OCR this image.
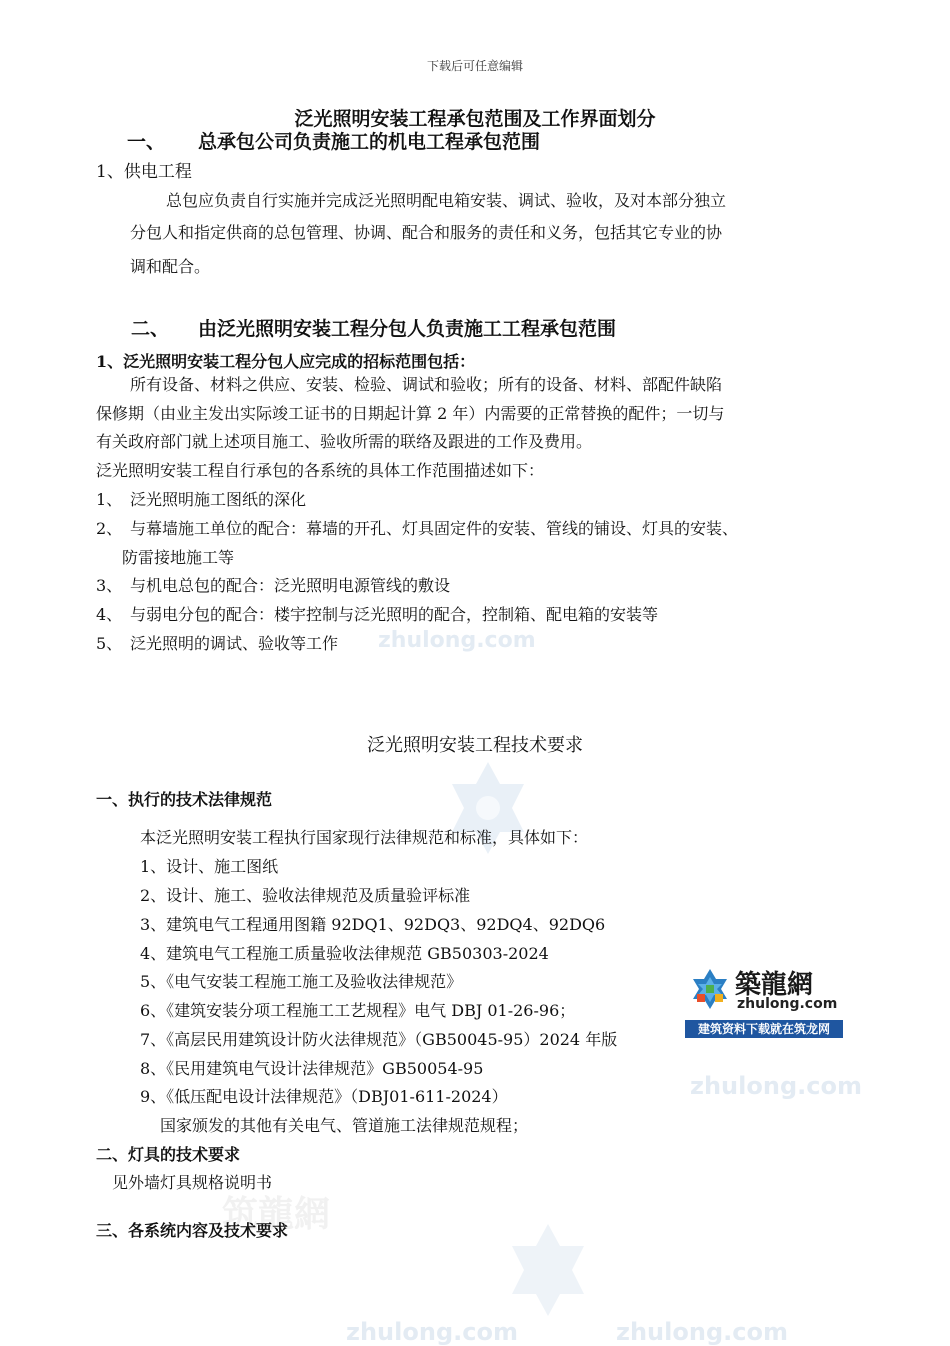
zhulong.com
zhulong.com
zhulong.com	zhulong.com
筑龍網
下载后可任意编辑
泛光照明安装工程承包范围及工作界面划分
一、 总承包公司负责施工的机电工程承包范围
1、供电工程
总包应负责自行实施并完成泛光照明配电箱安装、调试、验收，及对本部分独立
分包人和指定供商的总包管理、协调、配合和服务的责任和义务，包括其它专业的协
调和配合。
二、 由泛光照明安装工程分包人负责施工工程承包范围
1、泛光照明安装工程分包人应完成的招标范围包括：
所有设备、材料之供应、安装、检验、调试和验收；所有的设备、材料、部配件缺陷
保修期（由业主发出实际竣工证书的日期起计算 2 年）内需要的正常替换的配件；一切与
有关政府部门就上述项目施工、验收所需的联络及跟进的工作及费用。
泛光照明安装工程自行承包的各系统的具体工作范围描述如下：
1、 泛光照明施工图纸的深化
2、 与幕墙施工单位的配合：幕墙的开孔、灯具固定件的安装、管线的铺设、灯具的安装、
防雷接地施工等
3、 与机电总包的配合：泛光照明电源管线的敷设
4、 与弱电分包的配合：楼宇控制与泛光照明的配合，控制箱、配电箱的安装等
5、 泛光照明的调试、验收等工作
泛光照明安装工程技术要求
一、执行的技术法律规范
本泛光照明安装工程执行国家现行法律规范和标准，具体如下：
1、设计、施工图纸
2、设计、施工、验收法律规范及质量验评标准
3、建筑电气工程通用图籍 92DQ1、92DQ3、92DQ4、92DQ6
4、建筑电气工程施工质量验收法律规范 GB50303-2024
5、《电气安装工程施工施工及验收法律规范》
6、《建筑安装分项工程施工工艺规程》电气 DBJ 01-26-96；
7、《高层民用建筑设计防火法律规范》（GB50045-95）2024 年版
8、《民用建筑电气设计法律规范》GB50054-95
9、《低压配电设计法律规范》（DBJ01-611-2024）
国家颁发的其他有关电气、管道施工法律规范规程；
二、灯具的技术要求
见外墙灯具规格说明书
三、各系统内容及技术要求
築龍網
zhulong.com
建筑资料下载就在筑龙网
